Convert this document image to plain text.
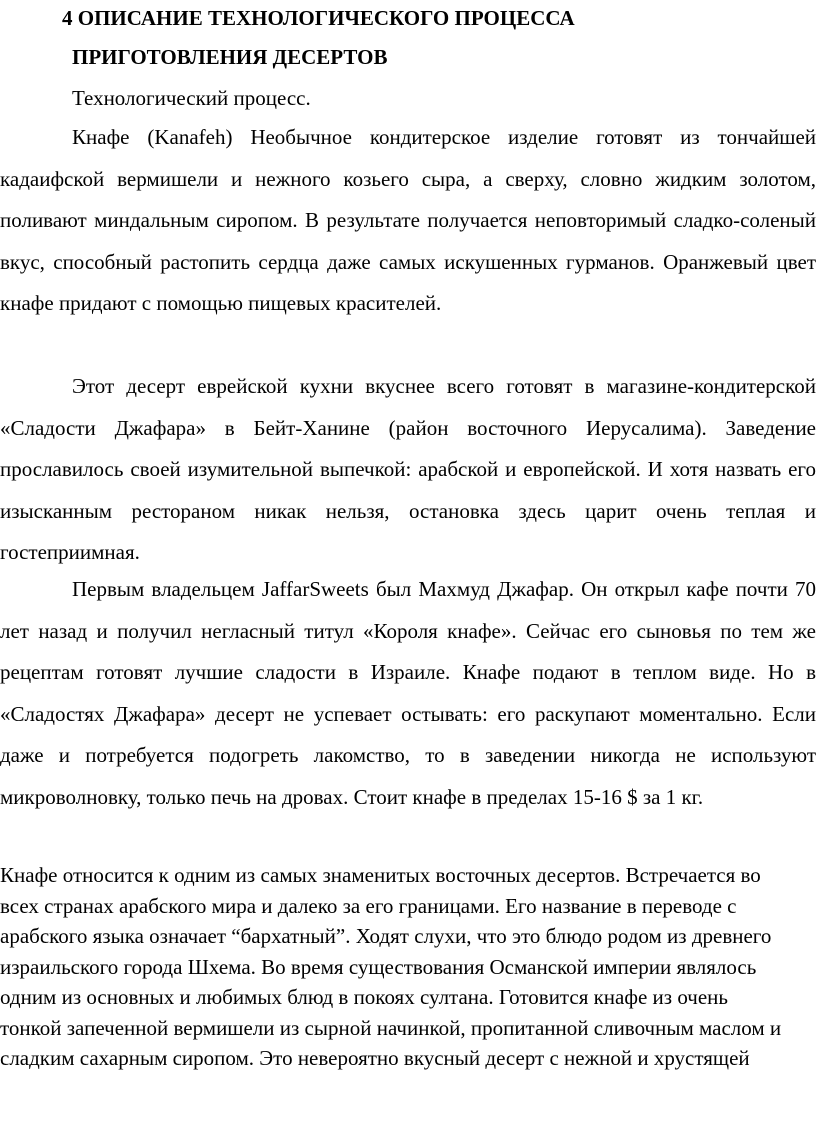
4 ОПИСАНИЕ ТЕХНОЛОГИЧЕСКОГО ПРОЦЕССА
ПРИГОТОВЛЕНИЯ ДЕСЕРТОВ

Технологический процесс.

Кнафе (Kanafeh) Необычное кондитерское изделие готовят из тончайшей кадаифской вермишели и нежного козьего сыра, а сверху, словно жидким золотом, поливают миндальным сиропом. В результате получается неповторимый сладко-соленый вкус, способный растопить сердца даже самых искушенных гурманов. Оранжевый цвет кнафе придают с помощью пищевых красителей.

Этот десерт еврейской кухни вкуснее всего готовят в магазине-кондитерской «Сладости Джафара» в Бейт-Ханине (район восточного Иерусалима). Заведение прославилось своей изумительной выпечкой: арабской и европейской. И хотя назвать его изысканным рестораном никак нельзя, остановка здесь царит очень теплая и гостеприимная.

Первым владельцем JaffarSweets был Махмуд Джафар. Он открыл кафе почти 70 лет назад и получил негласный титул «Короля кнафе». Сейчас его сыновья по тем же рецептам готовят лучшие сладости в Израиле. Кнафе подают в теплом виде. Но в «Сладостях Джафара» десерт не успевает остывать: его раскупают моментально. Если даже и потребуется подогреть лакомство, то в заведении никогда не используют микроволновку, только печь на дровах. Стоит кнафе в пределах 15-16 $ за 1 кг.

Кнафе относится к одним из самых знаменитых восточных десертов. Встречается во всех странах арабского мира и далеко за его границами. Его название в переводе с арабского языка означает “бархатный”. Ходят слухи, что это блюдо родом из древнего израильского города Шхема. Во время существования Османской империи являлось одним из основных и любимых блюд в покоях султана. Готовится кнафе из очень тонкой запеченной вермишели из сырной начинкой, пропитанной сливочным маслом и сладким сахарным сиропом. Это невероятно вкусный десерт с нежной и хрустящей
